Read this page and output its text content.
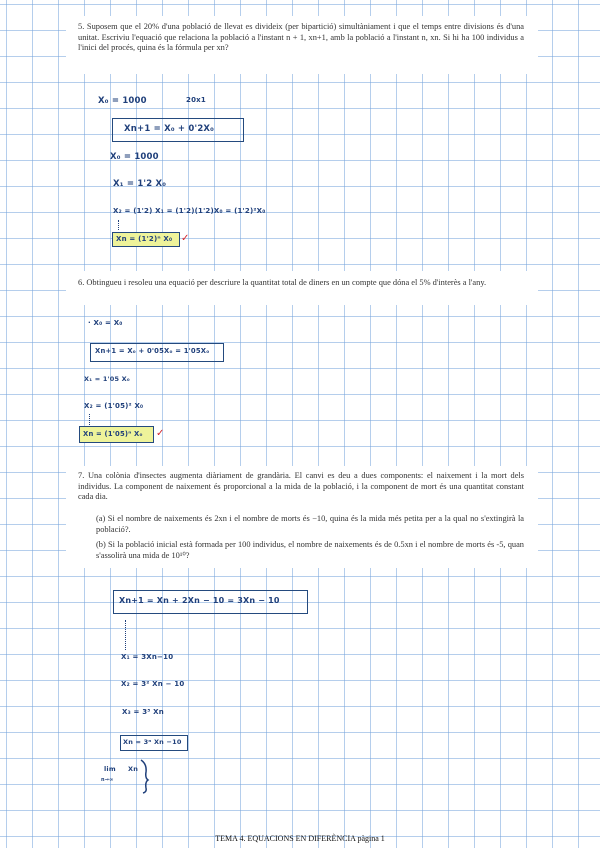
5. Suposem que el 20% d'una població de llevat es divideix (per bipartició) simultàniament i que el temps entre divisions és d'una unitat. Escriviu l'equació que relaciona la població a l'instant n + 1, xn+1, amb la població a l'instant n, xn. Si hi ha 100 individus a l'inici del procés, quina és la fórmula per xn?
X₀ = 1000	20x1
Xn+1 = X₀ + 0'2X₀
X₀ = 1000
X₁ = 1'2 X₀
X₂ = (1'2) X₁ = (1'2)(1'2)X₀ = (1'2)²X₀
Xn = (1'2)ⁿ X₀ ✓
6. Obtingueu i resoleu una equació per descriure la quantitat total de diners en un compte que dóna el 5% d'interès a l'any.
· X₀ = X₀
Xn+1 = X₀ + 0'05X₀ = 1'05X₀
X₁ = 1'05 X₀
X₂ = (1'05)² X₀
Xn = (1'05)ⁿ X₀ ✓
7. Una colònia d'insectes augmenta diàriament de grandària. El canvi es deu a dues components: el naixement i la mort dels individus. La component de naixement és proporcional a la mida de la població, i la component de mort és una quantitat constant cada dia.
(a) Si el nombre de naixements és 2xn i el nombre de morts és −10, quina és la mida més petita per a la qual no s'extingirà la població?.
(b) Si la població inicial està formada per 100 individus, el nombre de naixements és de 0.5xn i el nombre de morts és -5, quan s'assolirà una mida de 10¹⁰?
Xn+1 = Xn + 2Xn − 10 = 3Xn − 10
X₁ = 3Xn−10
X₂ = 3² Xn − 10
X₃ = 3³ Xn
Xn = 3ⁿ Xn −10
lim
n→∞
Xn
TEMA 4. EQUACIONS EN DIFERÈNCIA pàgina 1
